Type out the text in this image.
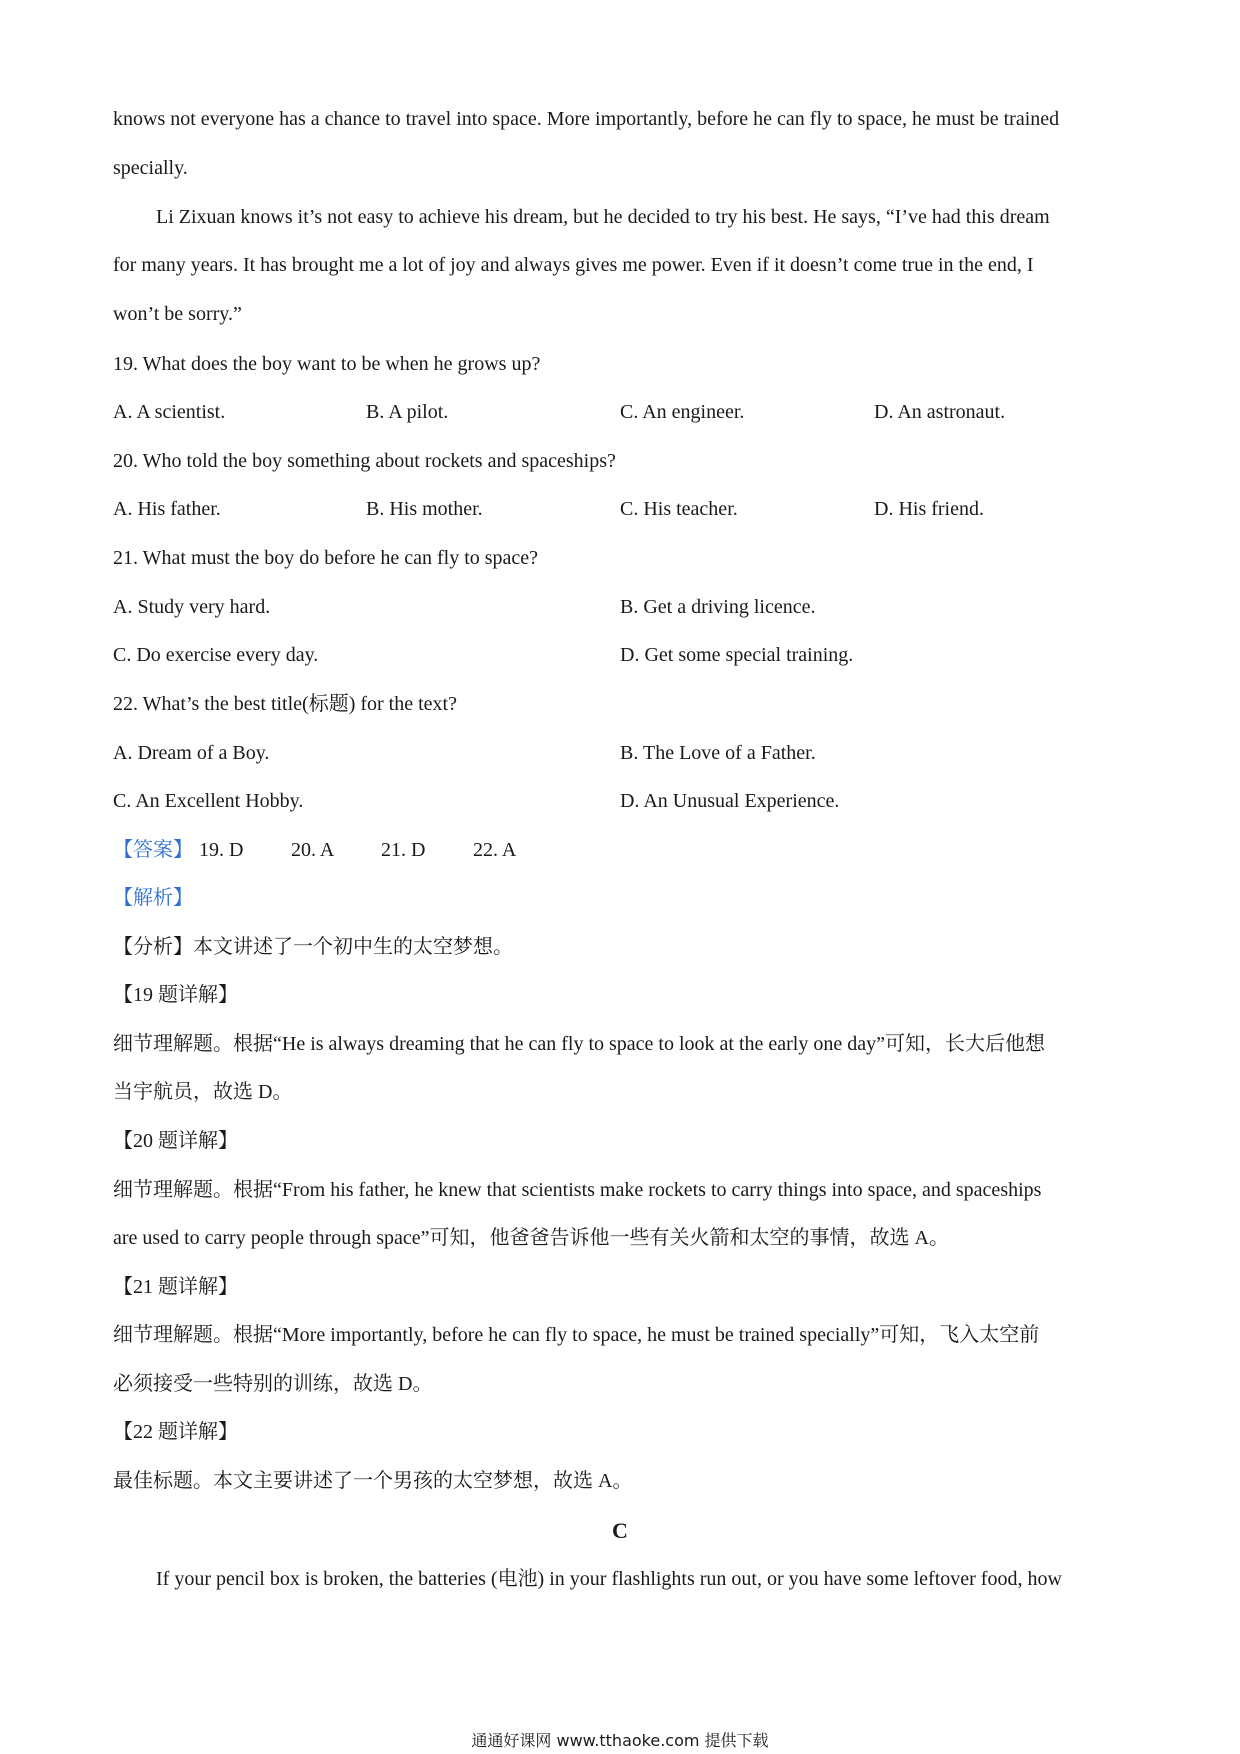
knows not everyone has a chance to travel into space. More importantly, before he can fly to space, he must be trained
specially.
Li Zixuan knows it’s not easy to achieve his dream, but he decided to try his best. He says, “I’ve had this dream
for many years. It has brought me a lot of joy and always gives me power. Even if it doesn’t come true in the end, I
won’t be sorry.”
19. What does the boy want to be when he grows up?
A. A scientist.	B. A pilot.	C. An engineer.	D. An astronaut.
20. Who told the boy something about rockets and spaceships?
A. His father.	B. His mother.	C. His teacher.	D. His friend.
21. What must the boy do before he can fly to space?
A. Study very hard.	B. Get a driving licence.
C. Do exercise every day.	D. Get some special training.
22. What’s the best title(标题) for the text?
A. Dream of a Boy.	B. The Love of a Father.
C. An Excellent Hobby.	D. An Unusual Experience.
【答案】 19. D 20. A 21. D 22. A
【解析】
【分析】本文讲述了一个初中生的太空梦想。
【19 题详解】
细节理解题。根据“He is always dreaming that he can fly to space to look at the early one day”可知，长大后他想
当宇航员，故选 D。
【20 题详解】
细节理解题。根据“From his father, he knew that scientists make rockets to carry things into space, and spaceships
are used to carry people through space”可知，他爸爸告诉他一些有关火箭和太空的事情，故选 A。
【21 题详解】
细节理解题。根据“More importantly, before he can fly to space, he must be trained specially”可知，飞入太空前
必须接受一些特别的训练，故选 D。
【22 题详解】
最佳标题。本文主要讲述了一个男孩的太空梦想，故选 A。
C
If your pencil box is broken, the batteries (电池) in your flashlights run out, or you have some leftover food, how
通通好课网 www.tthaoke.com 提供下载
